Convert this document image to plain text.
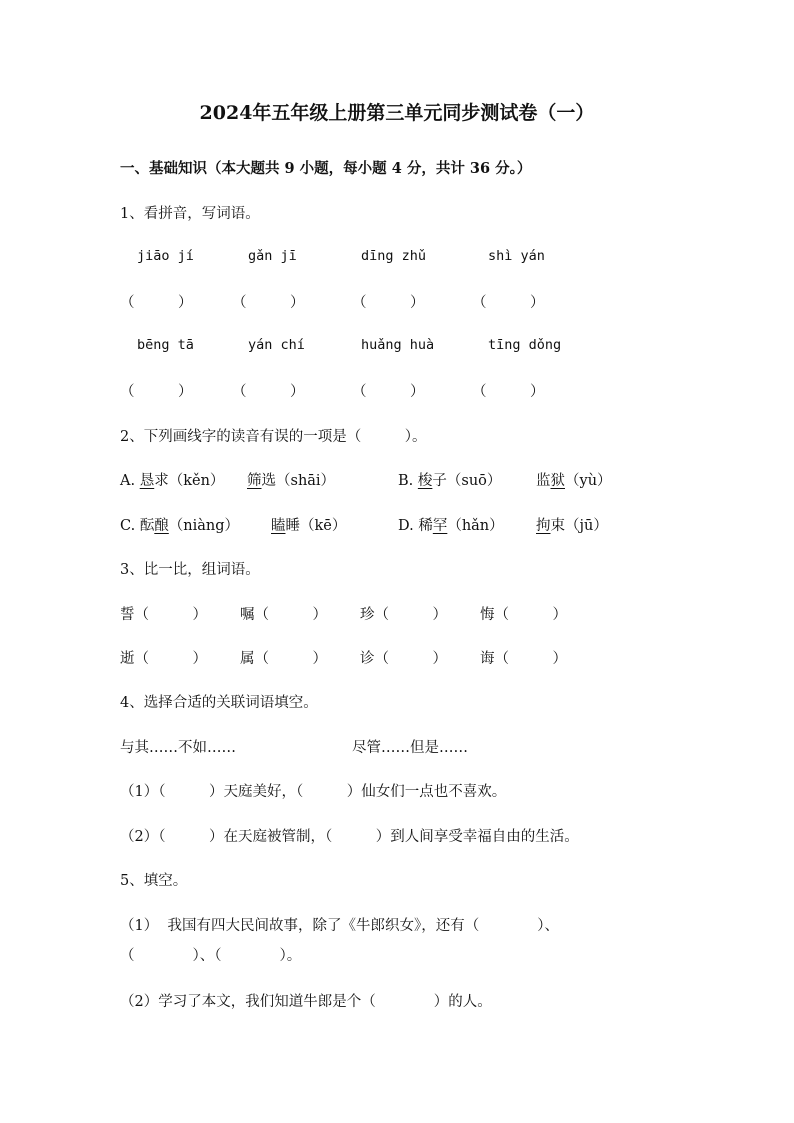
2024年五年级上册第三单元同步测试卷（一）
一、基础知识（本大题共 9 小题，每小题 4 分，共计 36 分。）
1、看拼音，写词语。
jiāo jí	gǎn jī	dīng zhǔ	shì yán
（　　　）	（　　　）	（　　　）	（　　　）
bēng tā	yán chí	huǎng huà	tīng dǒng
（　　　）	（　　　）	（　　　）	（　　　）
2、下列画线字的读音有误的一项是（　　　）。
A. 恳求（kěn） 筛选（shāi）	B. 梭子（suō） 监狱（yù）
C. 酝酿（niàng） 瞌睡（kē）	D. 稀罕（hǎn） 拘束（jū）
3、比一比，组词语。
誓（　　　） 嘱（　　　） 珍（　　　） 悔（　　　）
逝（　　　） 属（　　　） 诊（　　　） 诲（　　　）
4、选择合适的关联词语填空。
与其……不如……	尽管……但是……
（1）（　　　）天庭美好，（　　　）仙女们一点也不喜欢。
（2）（　　　）在天庭被管制，（　　　）到人间享受幸福自由的生活。
5、填空。
（1）  我国有四大民间故事，除了《牛郎织女》，还有（　　　　）、
（　　　　）、（　　　　）。
（2）学习了本文，我们知道牛郎是个（　　　　）的人。
